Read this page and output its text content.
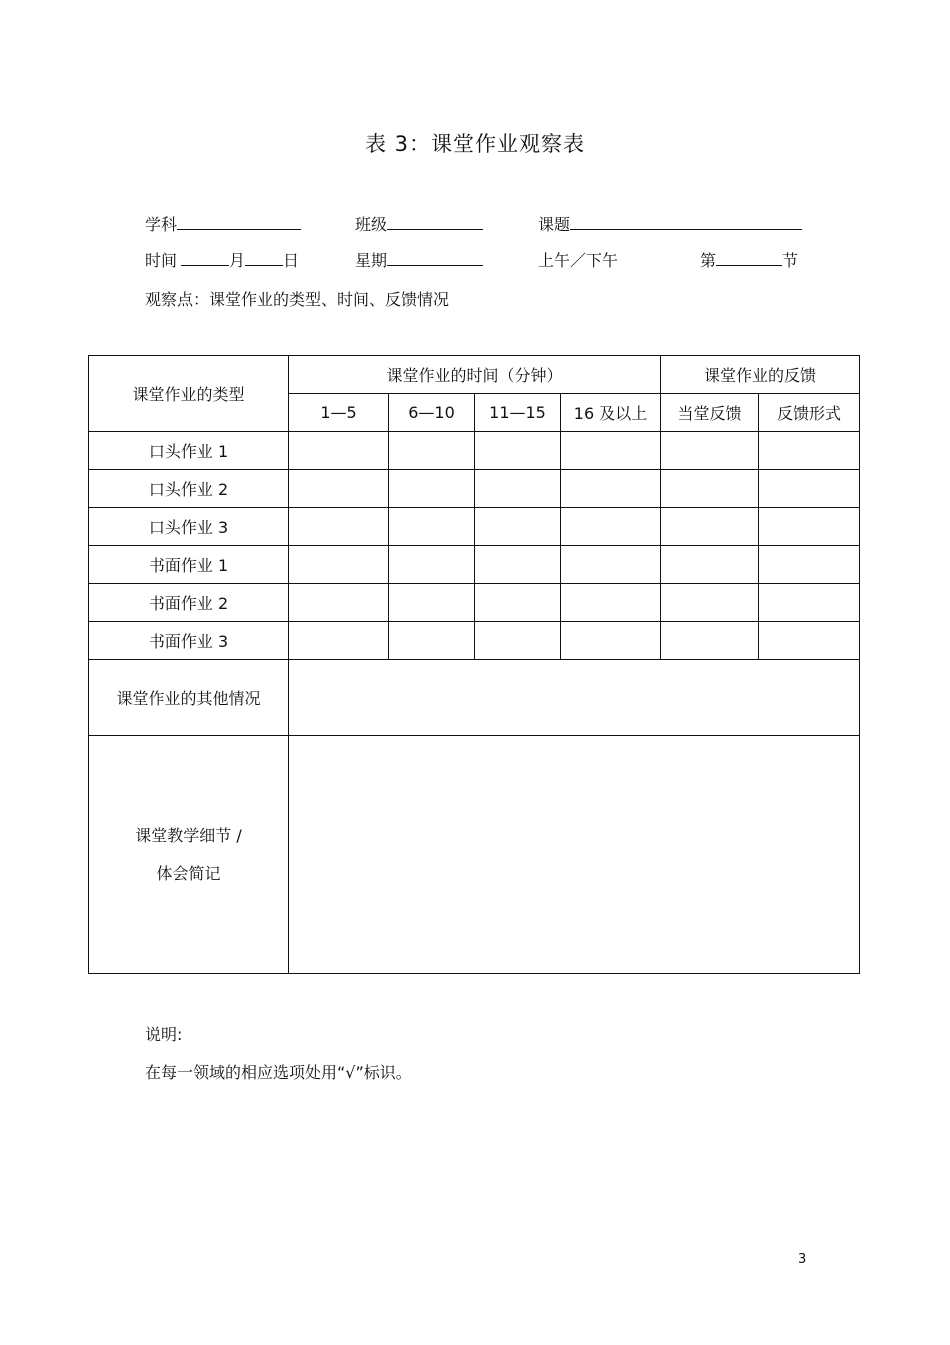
表 3：课堂作业观察表
学科	班级	课题
时间	月 日	星期	上午／下午	第	节
观察点：课堂作业的类型、时间、反馈情况
课堂作业的类型	课堂作业的时间（分钟）				课堂作业的反馈	
	1—5	6—10	11—15	16 及以上	当堂反馈	反馈形式
口头作业 1						
口头作业 2						
口头作业 3						
书面作业 1						
书面作业 2						
书面作业 3						
课堂作业的其他情况						

课堂教学细节 /
体会简记						

说明:
在每一领域的相应选项处用“√”标识。
3
